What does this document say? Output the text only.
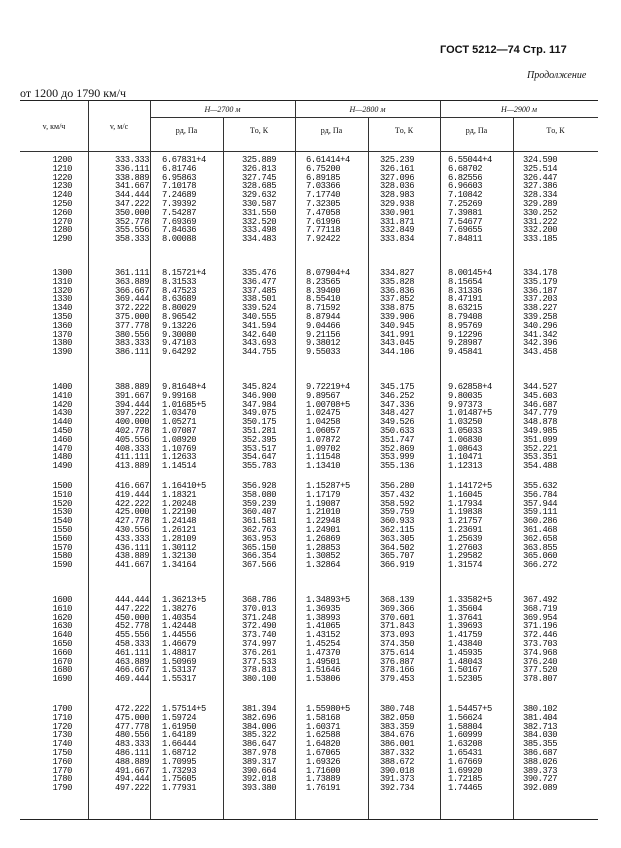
ГОСТ 5212—74 Стр. 117
Продолжение
от 1200 до 1790 км/ч
v, км/ч	v, м/с
H—2700 м	H—2800 м	H—2900 м
pд, Па	Tо, К	pд, Па	Tо, К	pд, Па	Tо, К
1200	333.333 6.67831+4	325.889	6.61414+4	325.239	6.55044+4	324.590
1210	336.111 6.81746	326.813	6.75200	326.161	6.68702	325.514
1220	338.889 6.95863	327.745	6.89185	327.096	6.82556	326.447
1230	341.667 7.10178	328.685	7.03366	328.036	6.96603	327.386
1240	344.444 7.24689	329.632	7.17740	328.983	7.10842	328.334
1250	347.222 7.39392	330.587	7.32305	329.938	7.25269	329.289
1260	350.000 7.54287	331.550	7.47058	330.901	7.39881	330.252
1270	352.778 7.69369	332.520	7.61996	331.871	7.54677	331.222
1280	355.556 7.84636	333.498	7.77118	332.849	7.69655	332.200
1290	358.333 8.00088	334.483	7.92422	333.834	7.84811	333.185
1300	361.111 8.15721+4	335.476	8.07904+4	334.827	8.00145+4	334.178
1310	363.889 8.31533	336.477	8.23565	335.828	8.15654	335.179
1320	366.667 8.47523	337.485	8.39400	336.836	8.31336	336.187
1330	369.444 8.63689	338.501	8.55410	337.852	8.47191	337.203
1340	372.222 8.80029	339.524	8.71592	338.875	8.63215	338.227
1350	375.000 8.96542	340.555	8.87944	339.906	8.79408	339.258
1360	377.778 9.13226	341.594	9.04466	340.945	8.95769	340.296
1370	380.556 9.30080	342.640	9.21156	341.991	9.12296	341.342
1380	383.333 9.47103	343.693	9.38012	343.045	9.28987	342.396
1390	386.111 9.64292	344.755	9.55033	344.106	9.45841	343.458
1400	388.889 9.81648+4	345.824	9.72219+4	345.175	9.62858+4	344.527
1410	391.667 9.99168	346.900	9.89567	346.252	9.80035	345.603
1420	394.444 1.01685+5	347.984	1.00708+5	347.336	9.97373	346.687
1430	397.222 1.03470	349.075	1.02475	348.427	1.01487+5	347.779
1440	400.000 1.05271	350.175	1.04258	349.526	1.03250	348.878
1450	402.778 1.07087	351.281	1.06057	350.633	1.05033	349.985
1460	405.556 1.08920	352.395	1.07872	351.747	1.06830	351.099
1470	408.333 1.10769	353.517	1.09702	352.869	1.08643	352.221
1480	411.111 1.12633	354.647	1.11548	353.999	1.10471	353.351
1490	413.889 1.14514	355.783	1.13410	355.136	1.12313	354.488
1500	416.667 1.16410+5	356.928	1.15287+5	356.280	1.14172+5	355.632
1510	419.444 1.18321	358.080	1.17179	357.432	1.16045	356.784
1520	422.222 1.20248	359.239	1.19087	358.592	1.17934	357.944
1530	425.000 1.22190	360.407	1.21010	359.759	1.19838	359.111
1540	427.778 1.24148	361.581	1.22948	360.933	1.21757	360.286
1550	430.556 1.26121	362.763	1.24901	362.115	1.23691	361.468
1560	433.333 1.28109	363.953	1.26869	363.305	1.25639	362.658
1570	436.111 1.30112	365.150	1.28853	364.502	1.27603	363.855
1580	438.889 1.32130	366.354	1.30852	365.707	1.29582	365.060
1590	441.667 1.34164	367.566	1.32864	366.919	1.31574	366.272
1600	444.444 1.36213+5	368.786	1.34893+5	368.139	1.33582+5	367.492
1610	447.222 1.38276	370.013	1.36935	369.366	1.35604	368.719
1620	450.000 1.40354	371.248	1.38993	370.601	1.37641	369.954
1630	452.778 1.42448	372.490	1.41065	371.843	1.39693	371.196
1640	455.556 1.44556	373.740	1.43152	373.093	1.41759	372.446
1650	458.333 1.46679	374.997	1.45254	374.350	1.43840	373.703
1660	461.111 1.48817	376.261	1.47370	375.614	1.45935	374.968
1670	463.889 1.50969	377.533	1.49501	376.887	1.48043	376.240
1680	466.667 1.53137	378.813	1.51646	378.166	1.50167	377.520
1690	469.444 1.55317	380.100	1.53806	379.453	1.52305	378.807
1700	472.222 1.57514+5	381.394	1.55980+5	380.748	1.54457+5	380.102
1710	475.000 1.59724	382.696	1.58168	382.050	1.56624	381.404
1720	477.778 1.61950	384.006	1.60371	383.359	1.58804	382.713
1730	480.556 1.64189	385.322	1.62588	384.676	1.60999	384.030
1740	483.333 1.66444	386.647	1.64820	386.001	1.63208	385.355
1750	486.111 1.68712	387.978	1.67065	387.332	1.65431	386.687
1760	488.889 1.70995	389.317	1.69326	388.672	1.67669	388.026
1770	491.667 1.73293	390.664	1.71600	390.018	1.69920	389.373
1780	494.444 1.75605	392.018	1.73889	391.373	1.72185	390.727
1790	497.222 1.77931	393.380	1.76191	392.734	1.74465	392.089
